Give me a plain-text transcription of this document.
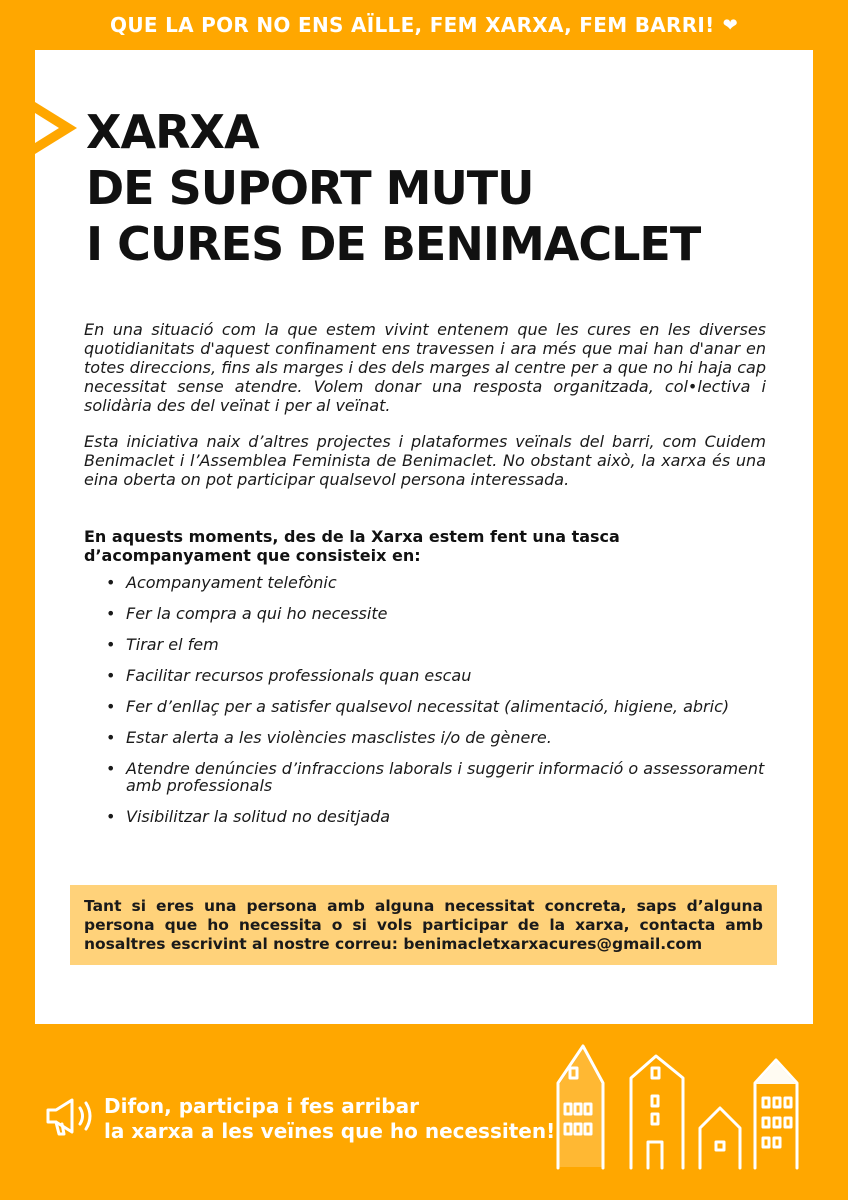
QUE LA POR NO ENS AÏLLE, FEM XARXA, FEM BARRI! ❤
XARXA
DE SUPORT MUTU
I CURES DE BENIMACLET

En una situació com la que estem vivint entenem que les cures en les diverses quotidianitats d'aquest confinament ens travessen i ara més que mai han d'anar en totes direccions, fins als marges i des dels marges al centre per a que no hi haja cap necessitat sense atendre. Volem donar una resposta organitzada, col•lectiva i solidària des del veïnat i per al veïnat.

Esta iniciativa naix d’altres projectes i plataformes veïnals del barri, com Cuidem Benimaclet i l’Assemblea Feminista de Benimaclet. No obstant això, la xarxa és una eina oberta on pot participar qualsevol persona interessada.

En aquests moments, des de la Xarxa estem fent una tasca d’acompanyament que consisteix en:

• Acompanyament telefònic
• Fer la compra a qui ho necessite
• Tirar el fem
• Facilitar recursos professionals quan escau
• Fer d’enllaç per a satisfer qualsevol necessitat (alimentació, higiene, abric)
• Estar alerta a les violències masclistes i/o de gènere.
• Atendre denúncies d’infraccions laborals i suggerir informació o assessorament amb professionals
• Visibilitzar la solitud no desitjada

Tant si eres una persona amb alguna necessitat concreta, saps d’alguna persona que ho necessita o si vols participar de la xarxa, contacta amb nosaltres escrivint al nostre correu: benimacletxarxacures@gmail.com

Difon, participa i fes arribar
la xarxa a les veïnes que ho necessiten!
